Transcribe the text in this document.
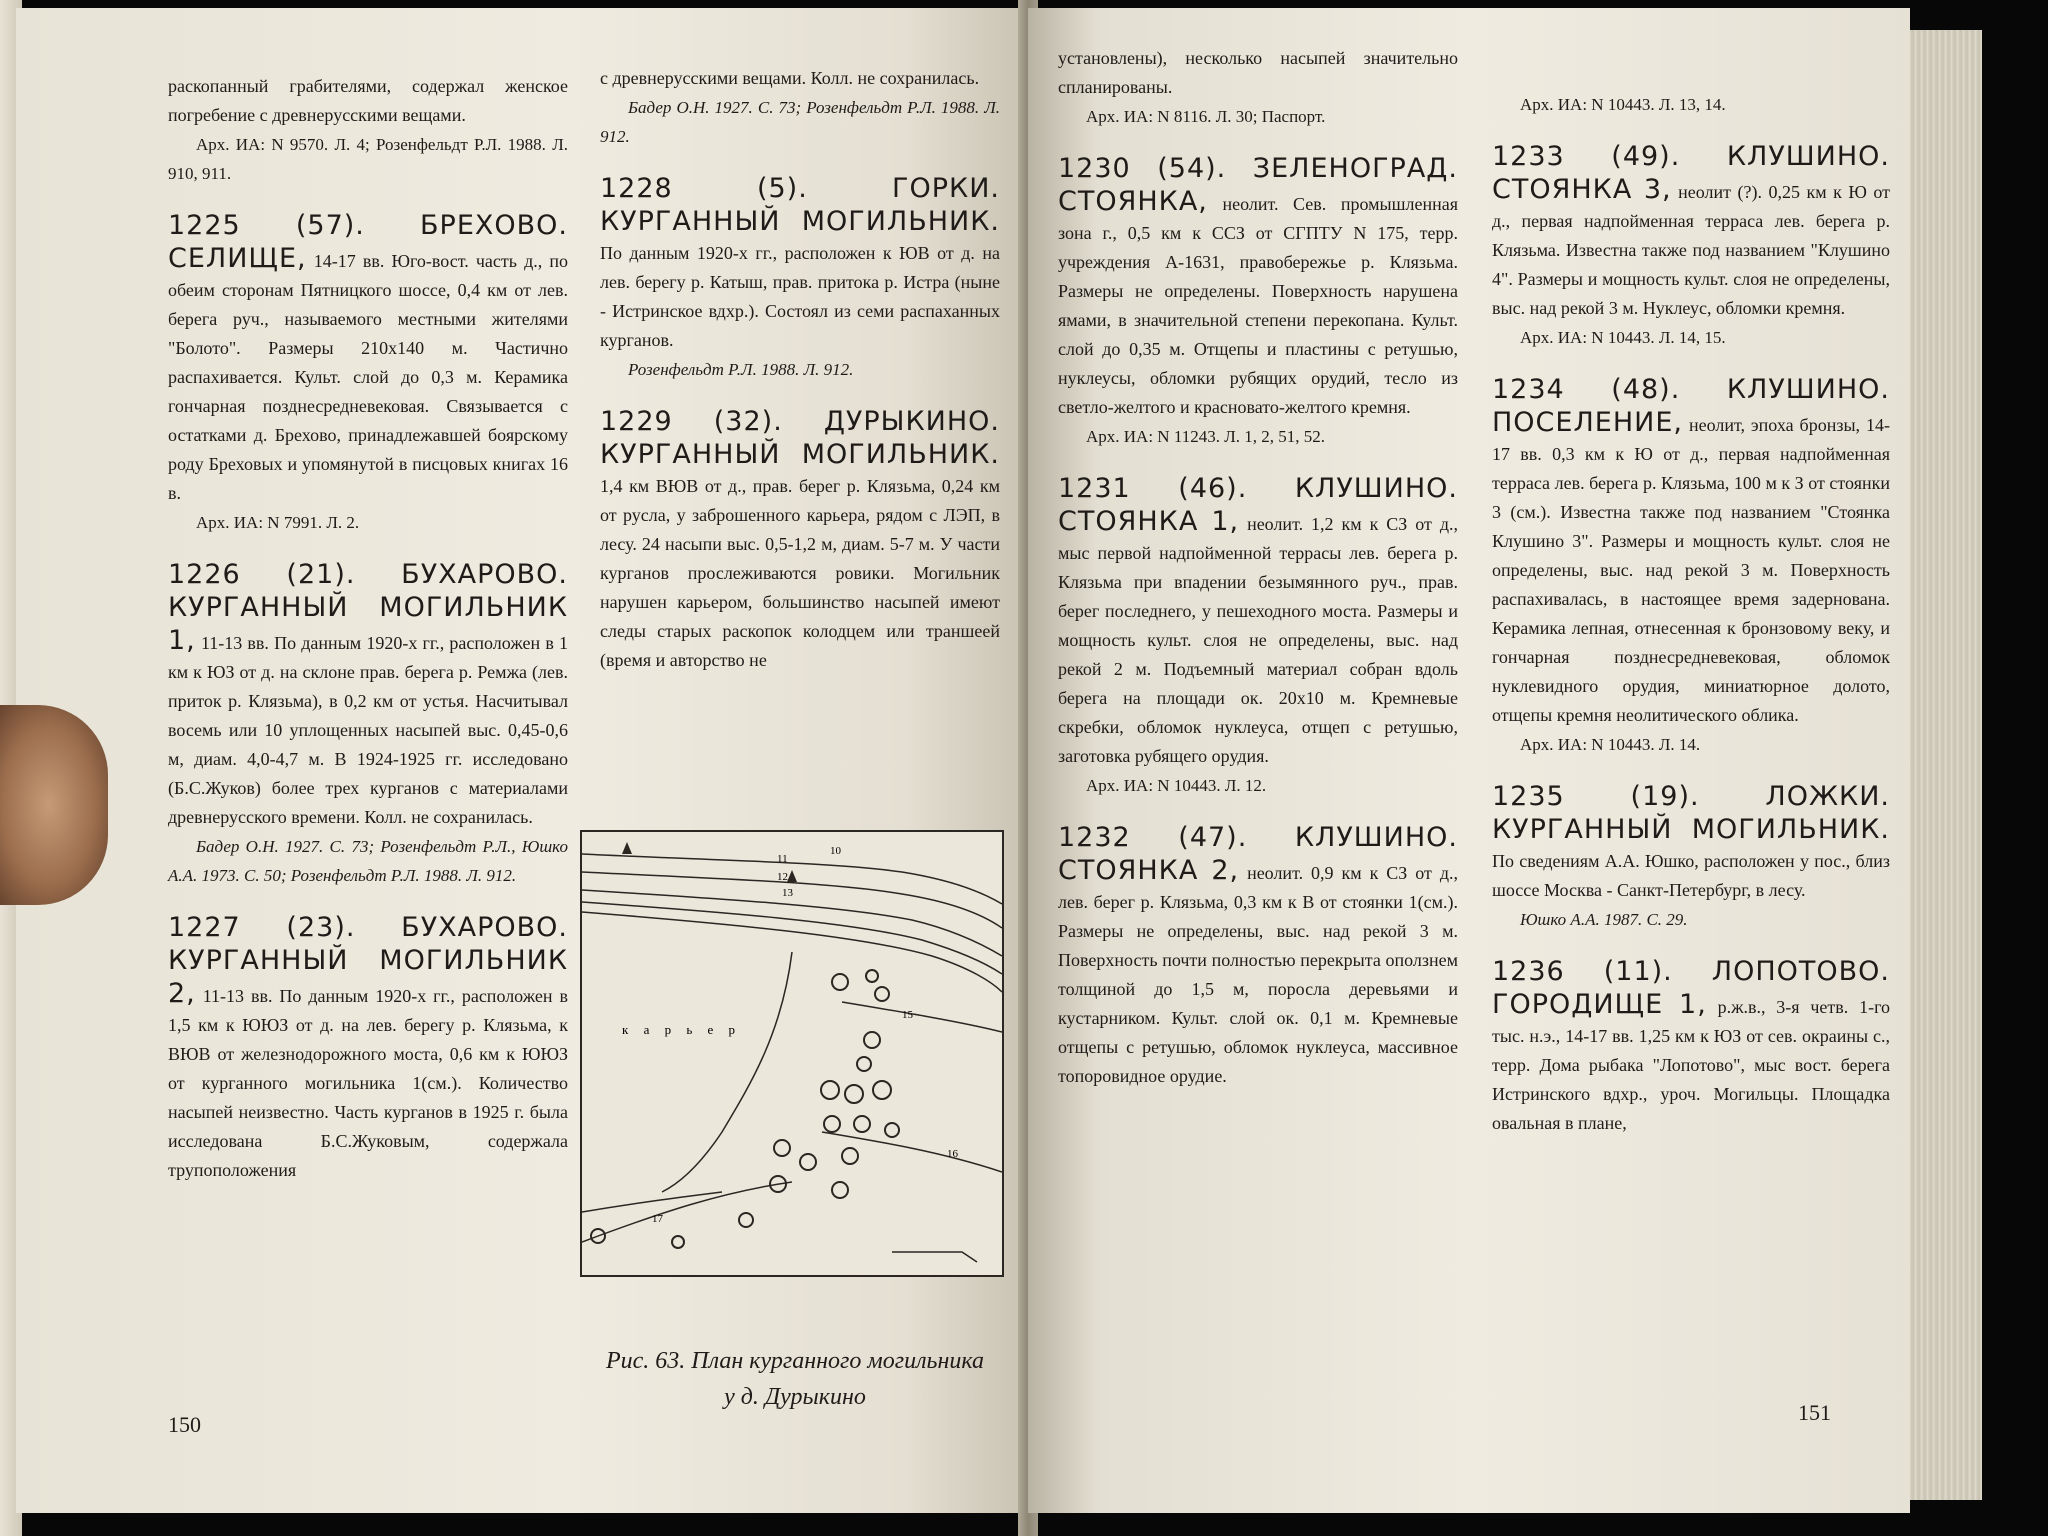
раскопанный грабителями, содержал женское погребение с древнерусскими вещами.

Арх. ИА: N 9570. Л. 4; Розенфельдт Р.Л. 1988. Л. 910, 911.

1225 (57). БРЕХОВО. СЕЛИЩЕ, 14-17 вв. Юго-вост. часть д., по обеим сторонам Пятницкого шоссе, 0,4 км от лев. берега руч., называемого местными жителями "Болото". Размеры 210х140 м. Частично распахивается. Культ. слой до 0,3 м. Керамика гончарная позднесредневековая. Связывается с остатками д. Брехово, принадлежавшей боярскому роду Бреховых и упомянутой в писцовых книгах 16 в.

Арх. ИА: N 7991. Л. 2.

1226 (21). БУХАРОВО. КУРГАННЫЙ МОГИЛЬНИК 1, 11-13 вв. По данным 1920-х гг., расположен в 1 км к ЮЗ от д. на склоне прав. берега р. Ремжа (лев. приток р. Клязьма), в 0,2 км от устья. Насчитывал восемь или 10 уплощенных насыпей выс. 0,45-0,6 м, диам. 4,0-4,7 м. В 1924-1925 гг. исследовано (Б.С.Жуков) более трех курганов с материалами древнерусского времени. Колл. не сохранилась.

Бадер О.Н. 1927. С. 73; Розенфельдт Р.Л., Юшко А.А. 1973. С. 50; Розенфельдт Р.Л. 1988. Л. 912.

1227 (23). БУХАРОВО. КУРГАННЫЙ МОГИЛЬНИК 2, 11-13 вв. По данным 1920-х гг., расположен в 1,5 км к ЮЮЗ от д. на лев. берегу р. Клязьма, к ВЮВ от железнодорожного моста, 0,6 км к ЮЮЗ от курганного могильника 1(см.). Количество насыпей неизвестно. Часть курганов в 1925 г. была исследована Б.С.Жуковым, содержала трупоположения

с древнерусскими вещами. Колл. не сохранилась.

Бадер О.Н. 1927. С. 73; Розенфельдт Р.Л. 1988. Л. 912.

1228 (5). ГОРКИ. КУРГАННЫЙ МОГИЛЬНИК. По данным 1920-х гг., расположен к ЮВ от д. на лев. берегу р. Катыш, прав. притока р. Истра (ныне - Истринское вдхр.). Состоял из семи распаханных курганов.

Розенфельдт Р.Л. 1988. Л. 912.

1229 (32). ДУРЫКИНО. КУРГАННЫЙ МОГИЛЬНИК. 1,4 км ВЮВ от д., прав. берег р. Клязьма, 0,24 км от русла, у заброшенного карьера, рядом с ЛЭП, в лесу. 24 насыпи выс. 0,5-1,2 м, диам. 5-7 м. У части курганов прослеживаются ровики. Могильник нарушен карьером, большинство насыпей имеют следы старых раскопок колодцем или траншеей (время и авторство не

к а р ь е р
10
11
12
13
15
16
17
Рис. 63. План курганного могильника
у д. Дурыкино
150

установлены), несколько насыпей значительно спланированы.

Арх. ИА: N 8116. Л. 30; Паспорт.

1230 (54). ЗЕЛЕНОГРАД. СТОЯНКА, неолит. Сев. промышленная зона г., 0,5 км к ССЗ от СГПТУ N 175, терр. учреждения А-1631, правобережье р. Клязьма. Размеры не определены. Поверхность нарушена ямами, в значительной степени перекопана. Культ. слой до 0,35 м. Отщепы и пластины с ретушью, нуклеусы, обломки рубящих орудий, тесло из светло-желтого и красновато-желтого кремня.

Арх. ИА: N 11243. Л. 1, 2, 51, 52.

1231 (46). КЛУШИНО. СТОЯНКА 1, неолит. 1,2 км к СЗ от д., мыс первой надпойменной террасы лев. берега р. Клязьма при впадении безымянного руч., прав. берег последнего, у пешеходного моста. Размеры и мощность культ. слоя не определены, выс. над рекой 2 м. Подъемный материал собран вдоль берега на площади ок. 20х10 м. Кремневые скребки, обломок нуклеуса, отщеп с ретушью, заготовка рубящего орудия.

Арх. ИА: N 10443. Л. 12.

1232 (47). КЛУШИНО. СТОЯНКА 2, неолит. 0,9 км к СЗ от д., лев. берег р. Клязьма, 0,3 км к В от стоянки 1(см.). Размеры не определены, выс. над рекой 3 м. Поверхность почти полностью перекрыта оползнем толщиной до 1,5 м, поросла деревьями и кустарником. Культ. слой ок. 0,1 м. Кремневые отщепы с ретушью, обломок нуклеуса, массивное топоровидное орудие.

Арх. ИА: N 10443. Л. 13, 14.

1233 (49). КЛУШИНО. СТОЯНКА 3, неолит (?). 0,25 км к Ю от д., первая надпойменная терраса лев. берега р. Клязьма. Известна также под названием "Клушино 4". Размеры и мощность культ. слоя не определены, выс. над рекой 3 м. Нуклеус, обломки кремня.

Арх. ИА: N 10443. Л. 14, 15.

1234 (48). КЛУШИНО. ПОСЕЛЕНИЕ, неолит, эпоха бронзы, 14-17 вв. 0,3 км к Ю от д., первая надпойменная терраса лев. берега р. Клязьма, 100 м к З от стоянки 3 (см.). Известна также под названием "Стоянка Клушино 3". Размеры и мощность культ. слоя не определены, выс. над рекой 3 м. Поверхность распахивалась, в настоящее время задернована. Керамика лепная, отнесенная к бронзовому веку, и гончарная позднесредневековая, обломок нуклевидного орудия, миниатюрное долото, отщепы кремня неолитического облика.

Арх. ИА: N 10443. Л. 14.

1235 (19). ЛОЖКИ. КУРГАННЫЙ МОГИЛЬНИК. По сведениям А.А. Юшко, расположен у пос., близ шоссе Москва - Санкт-Петербург, в лесу.

Юшко А.А. 1987. С. 29.

1236 (11). ЛОПОТОВО. ГОРОДИЩЕ 1, р.ж.в., 3-я четв. 1-го тыс. н.э., 14-17 вв. 1,25 км к ЮЗ от сев. окраины с., терр. Дома рыбака "Лопотово", мыс вост. берега Истринского вдхр., уроч. Могильцы. Площадка овальная в плане,

151
